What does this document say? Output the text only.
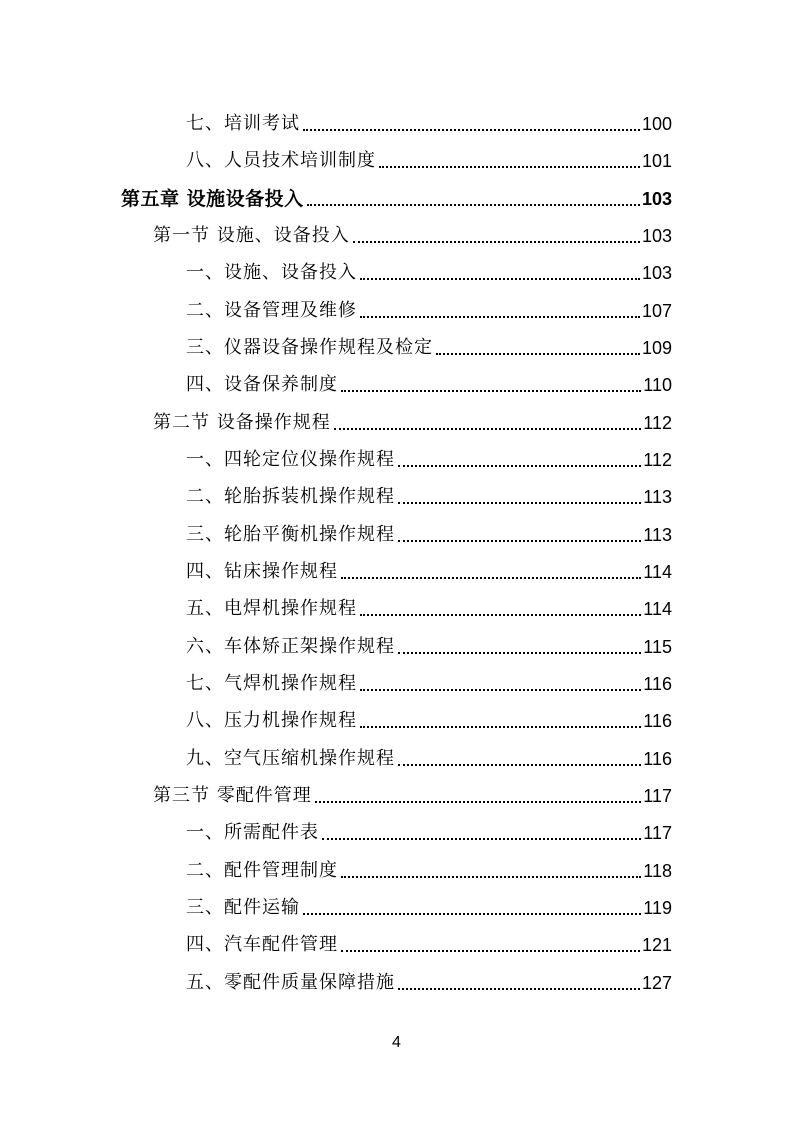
七、培训考试	100
八、人员技术培训制度	101
第五章 设施设备投入	103
第一节 设施、设备投入	103
一、设施、设备投入	103
二、设备管理及维修	107
三、仪器设备操作规程及检定	109
四、设备保养制度	110
第二节 设备操作规程	112
一、四轮定位仪操作规程	112
二、轮胎拆装机操作规程	113
三、轮胎平衡机操作规程	113
四、钻床操作规程	114
五、电焊机操作规程	114
六、车体矫正架操作规程	115
七、气焊机操作规程	116
八、压力机操作规程	116
九、空气压缩机操作规程	116
第三节 零配件管理	117
一、所需配件表	117
二、配件管理制度	118
三、配件运输	119
四、汽车配件管理	121
五、零配件质量保障措施	127
4
